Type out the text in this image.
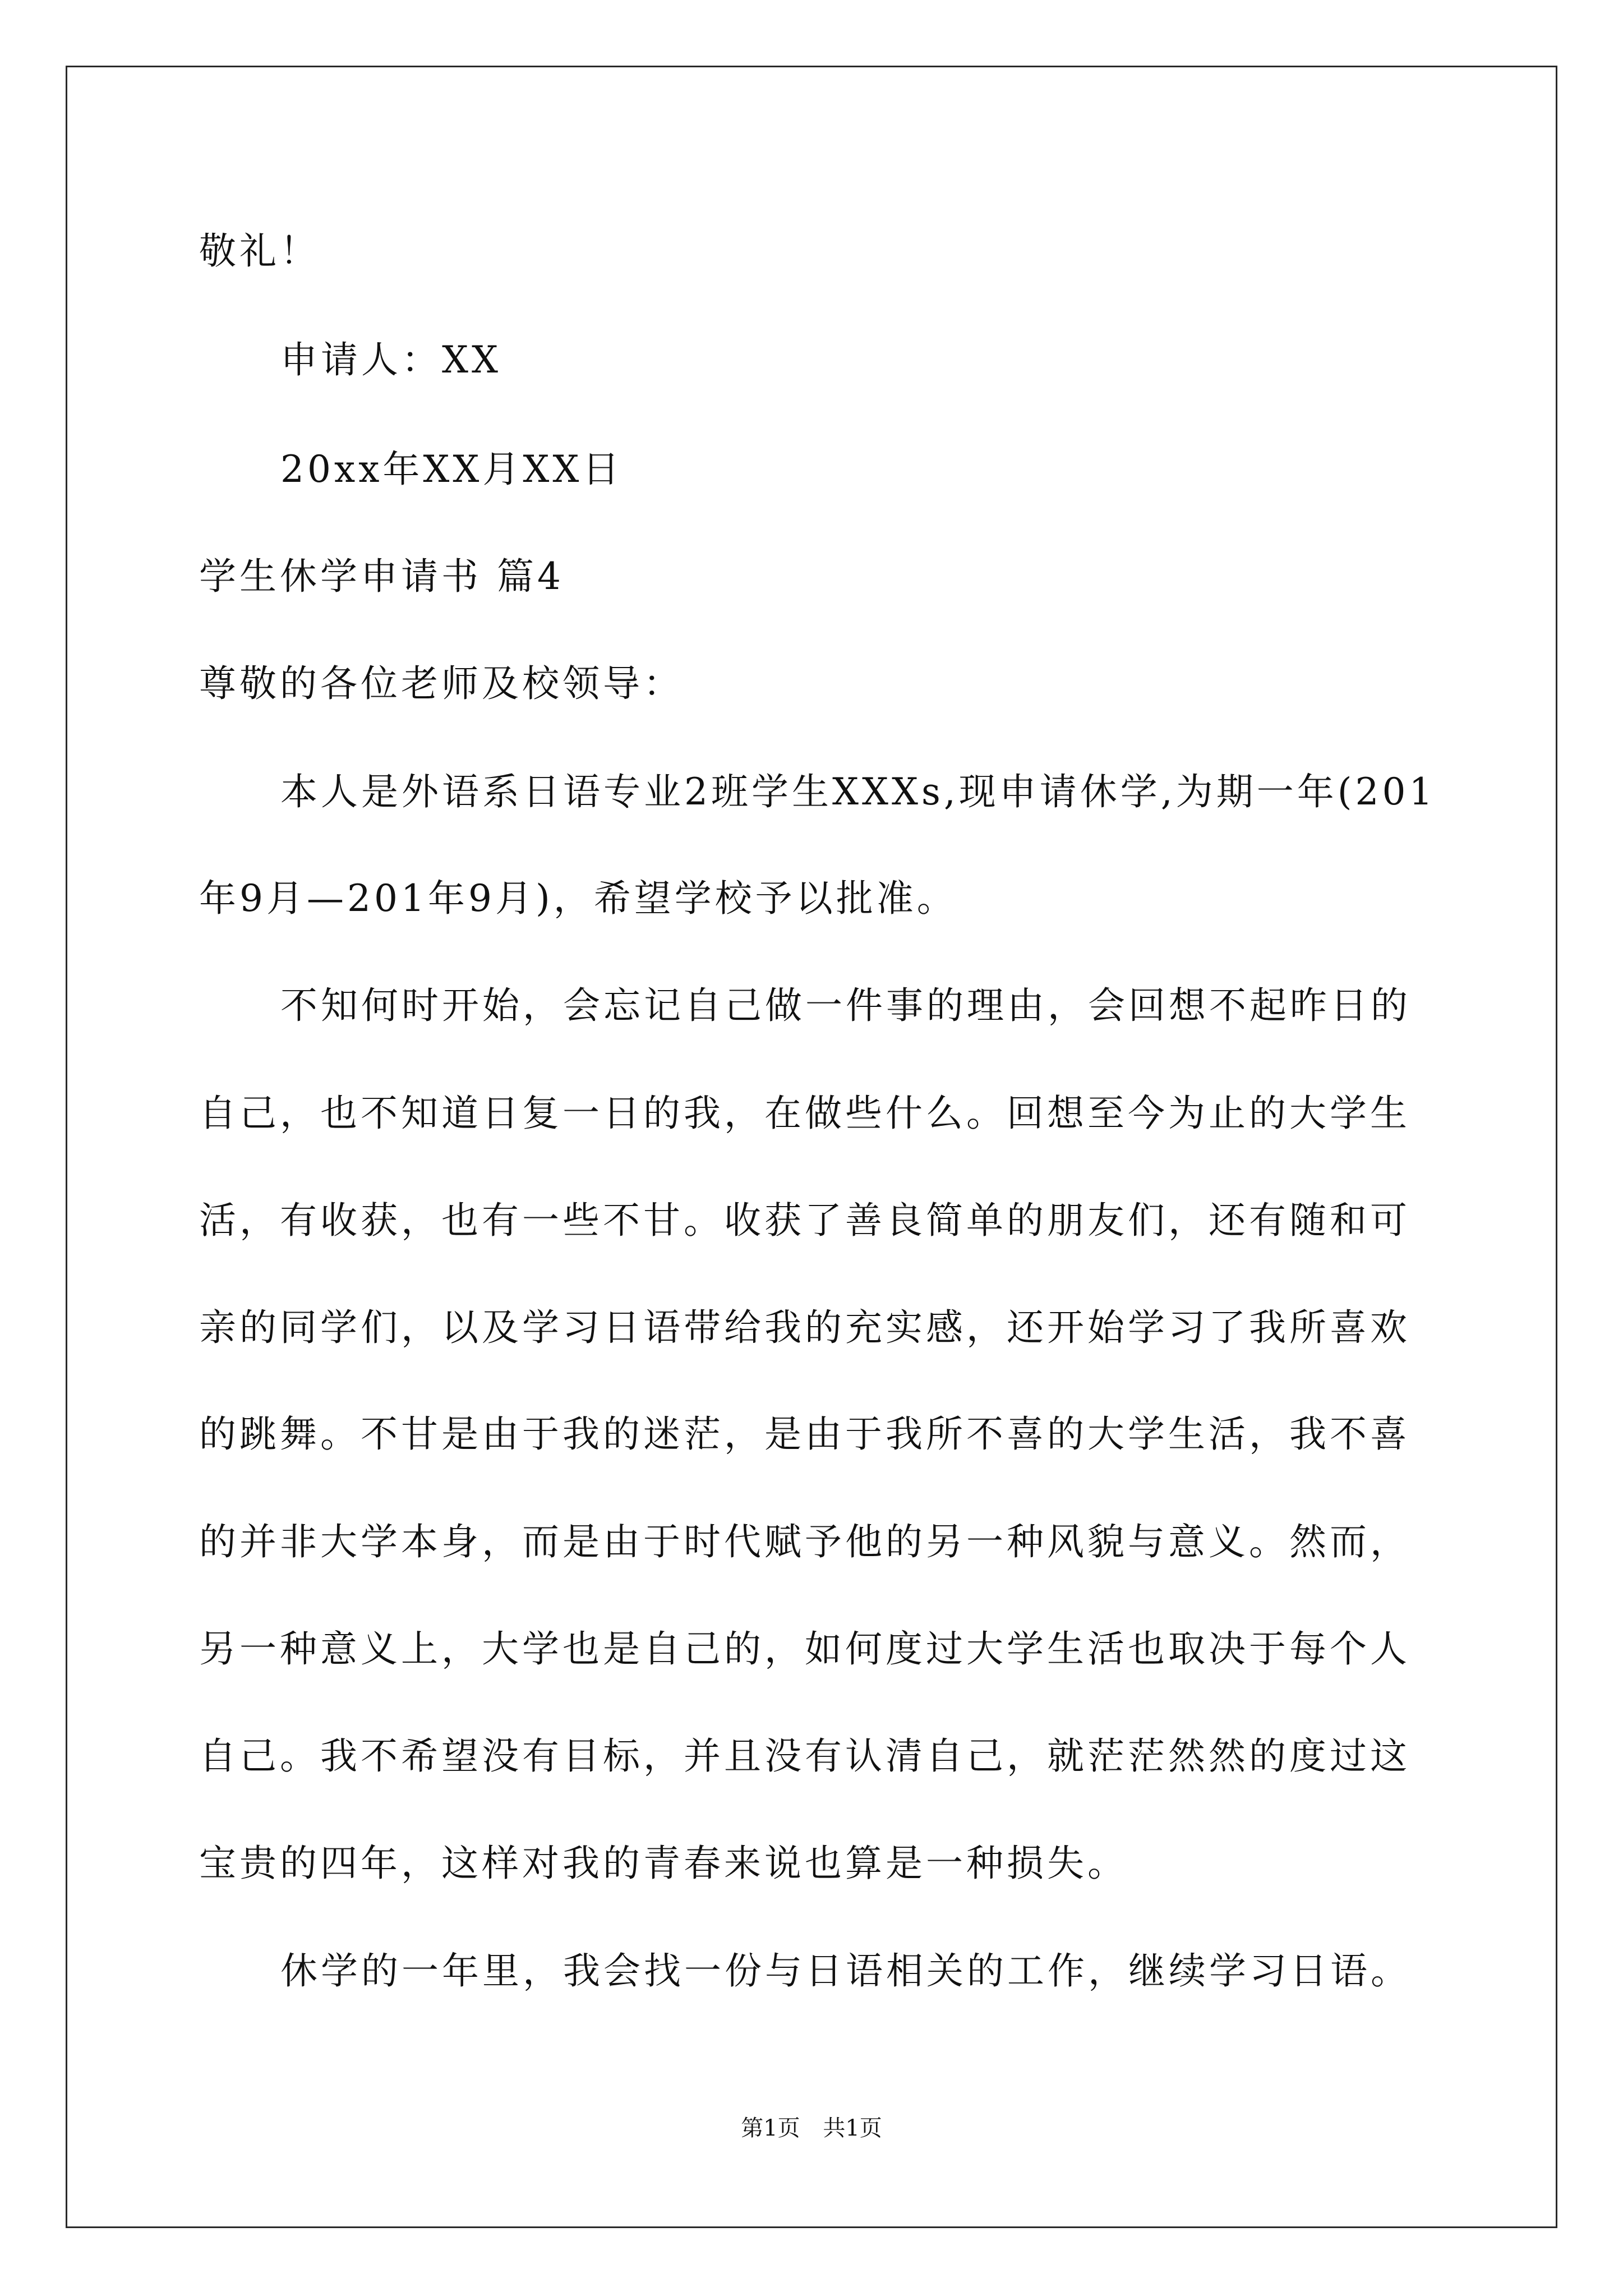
敬礼！
申请人：XX
20xx年XX月XX日
学生休学申请书 篇4
尊敬的各位老师及校领导：
本人是外语系日语专业2班学生XXXs,现申请休学,为期一年(201
年9月—201年9月)，希望学校予以批准。
不知何时开始，会忘记自己做一件事的理由，会回想不起昨日的
自己，也不知道日复一日的我，在做些什么。回想至今为止的大学生
活，有收获，也有一些不甘。收获了善良简单的朋友们，还有随和可
亲的同学们，以及学习日语带给我的充实感，还开始学习了我所喜欢
的跳舞。不甘是由于我的迷茫，是由于我所不喜的大学生活，我不喜
的并非大学本身，而是由于时代赋予他的另一种风貌与意义。然而，
另一种意义上，大学也是自己的，如何度过大学生活也取决于每个人
自己。我不希望没有目标，并且没有认清自己，就茫茫然然的度过这
宝贵的四年，这样对我的青春来说也算是一种损失。
休学的一年里，我会找一份与日语相关的工作，继续学习日语。
第1页 共1页
